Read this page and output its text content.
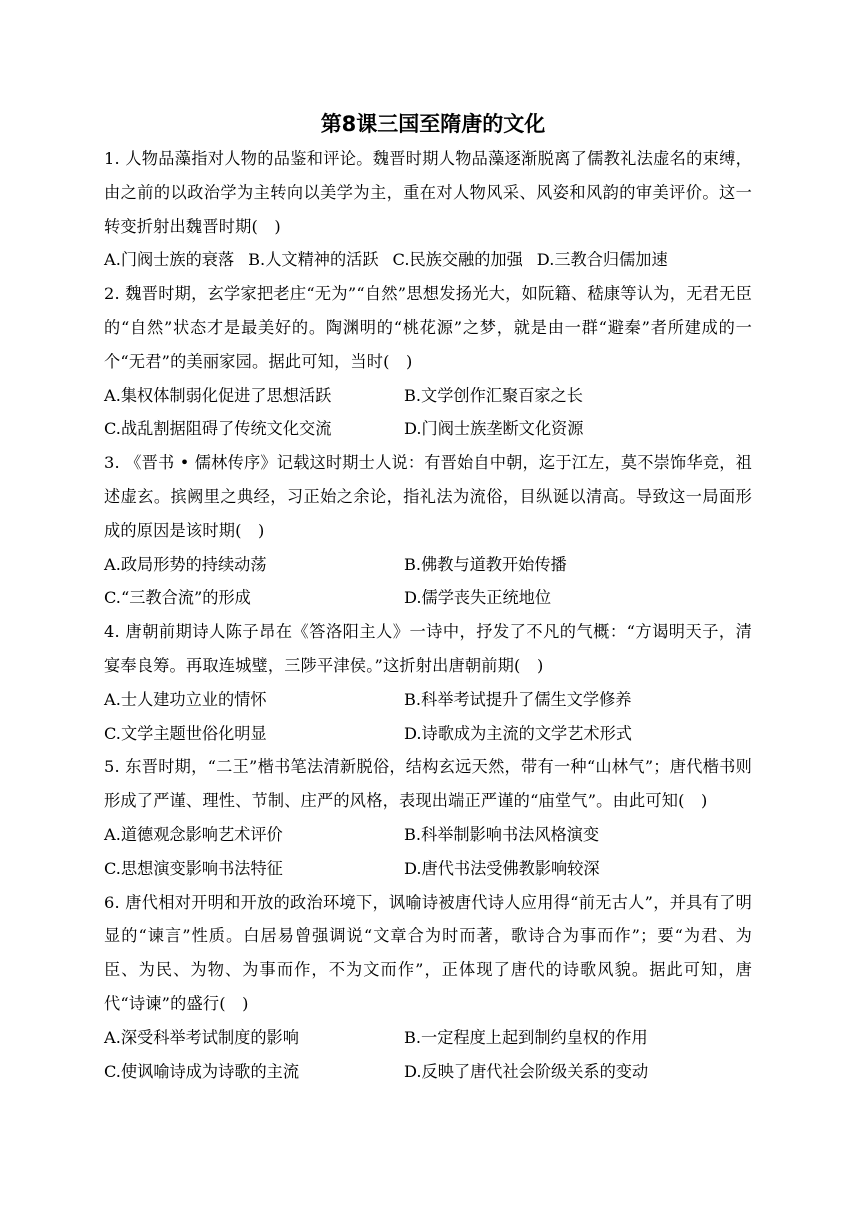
第8课三国至隋唐的文化

1. 人物品藻指对人物的品鉴和评论。魏晋时期人物品藻逐渐脱离了儒教礼法虚名的束缚，由之前的以政治学为主转向以美学为主，重在对人物风采、风姿和风韵的审美评价。这一转变折射出魏晋时期(　)

A.门阀士族的衰落 B.人文精神的活跃 C.民族交融的加强 D.三教合归儒加速

2. 魏晋时期，玄学家把老庄“无为”“自然”思想发扬光大，如阮籍、嵇康等认为，无君无臣的“自然”状态才是最美好的。陶渊明的“桃花源”之梦，就是由一群“避秦”者所建成的一个“无君”的美丽家园。据此可知，当时(　)

A.集权体制弱化促进了思想活跃	B.文学创作汇聚百家之长
C.战乱割据阻碍了传统文化交流	D.门阀士族垄断文化资源

3. 《晋书 • 儒林传序》记载这时期士人说：有晋始自中朝，迄于江左，莫不崇饰华竞，祖述虚玄。摈阙里之典经，习正始之余论，指礼法为流俗，目纵诞以清高。导致这一局面形成的原因是该时期(　)

A.政局形势的持续动荡	B.佛教与道教开始传播
C.“三教合流”的形成	D.儒学丧失正统地位

4. 唐朝前期诗人陈子昂在《答洛阳主人》一诗中，抒发了不凡的气概：“方谒明天子，清宴奉良筹。再取连城璧，三陟平津侯。”这折射出唐朝前期(　)

A.士人建功立业的情怀	B.科举考试提升了儒生文学修养
C.文学主题世俗化明显	D.诗歌成为主流的文学艺术形式

5. 东晋时期，“二王”楷书笔法清新脱俗，结构玄远天然，带有一种“山林气”；唐代楷书则形成了严谨、理性、节制、庄严的风格，表现出端正严谨的“庙堂气”。由此可知(　)

A.道德观念影响艺术评价	B.科举制影响书法风格演变
C.思想演变影响书法特征	D.唐代书法受佛教影响较深

6. 唐代相对开明和开放的政治环境下，讽喻诗被唐代诗人应用得“前无古人”，并具有了明显的“谏言”性质。白居易曾强调说“文章合为时而著，歌诗合为事而作”；要“为君、为臣、为民、为物、为事而作，不为文而作”，正体现了唐代的诗歌风貌。据此可知，唐代“诗谏”的盛行(　)

A.深受科举考试制度的影响	B.一定程度上起到制约皇权的作用
C.使讽喻诗成为诗歌的主流	D.反映了唐代社会阶级关系的变动
